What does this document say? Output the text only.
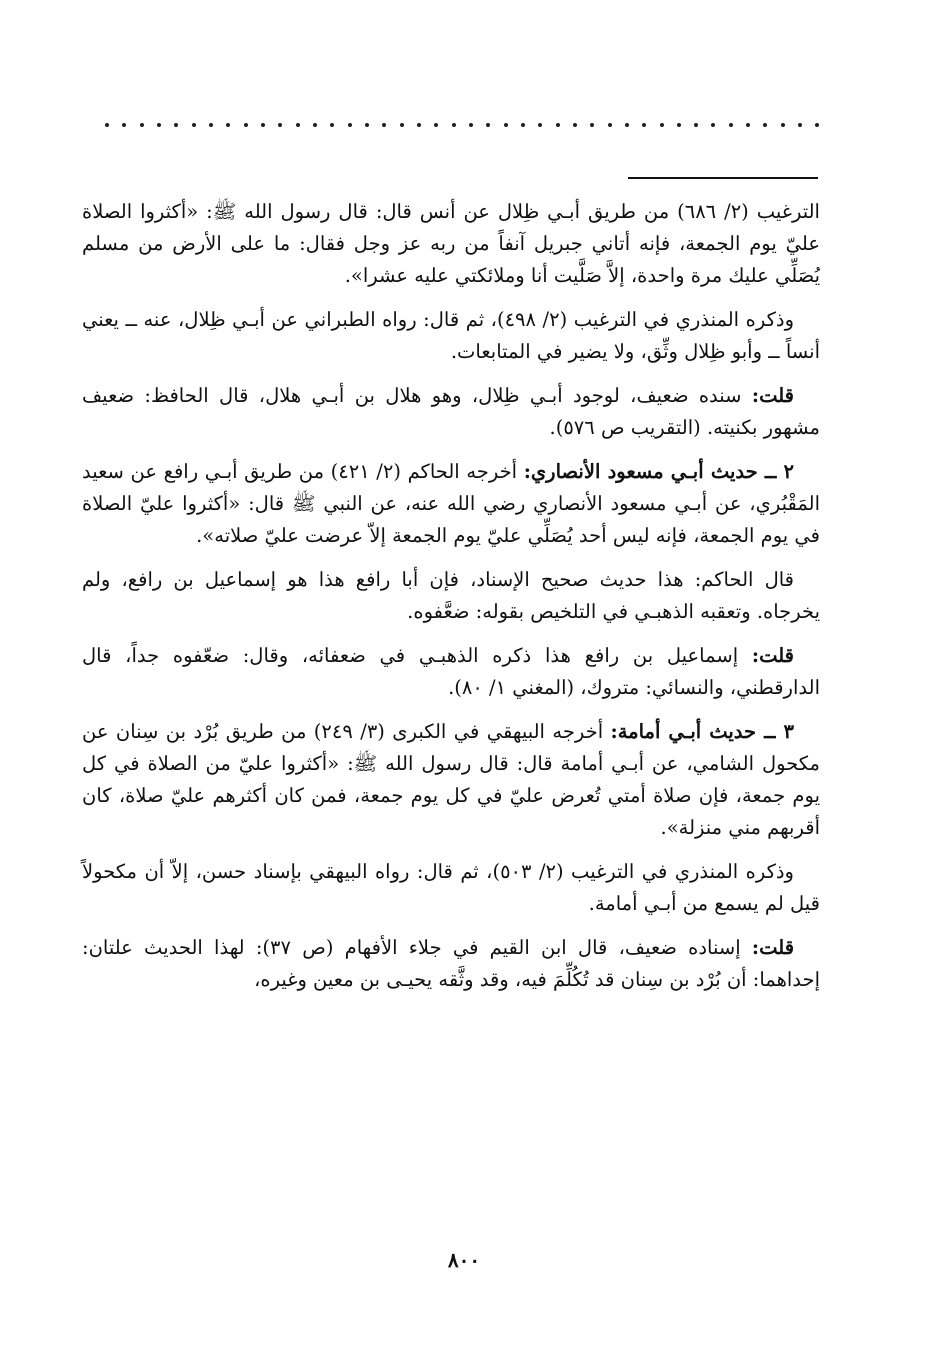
الترغيب (٢/ ٦٨٦) من طريق أبـي ظِلال عن أنس قال: قال رسول الله ﷺ: «أكثروا الصلاة عليّ يوم الجمعة، فإنه أتاني جبريل آنفاً من ربه عز وجل فقال: ما على الأرض من مسلم يُصَلِّي عليك مرة واحدة، إلاَّ صَلَّيت أنا وملائكتي عليه عشرا».

وذكره المنذري في الترغيب (٢/ ٤٩٨)، ثم قال: رواه الطبراني عن أبـي ظِلال، عنه ــ يعني أنساً ــ وأبو ظِلال وثِّق، ولا يضير في المتابعات.

قلت: سنده ضعيف، لوجود أبـي ظِلال، وهو هلال بن أبـي هلال، قال الحافظ: ضعيف مشهور بكنيته. (التقريب ص ٥٧٦).

٢ ــ حديث أبـي مسعود الأنصاري: أخرجه الحاكم (٢/ ٤٢١) من طريق أبـي رافع عن سعيد المَقْبُري، عن أبـي مسعود الأنصاري رضي الله عنه، عن النبي ﷺ قال: «أكثروا عليّ الصلاة في يوم الجمعة، فإنه ليس أحد يُصَلِّي عليّ يوم الجمعة إلاّ عرضت عليّ صلاته».

قال الحاكم: هذا حديث صحيح الإسناد، فإن أبا رافع هذا هو إسماعيل بن رافع، ولم يخرجاه. وتعقبه الذهبـي في التلخيص بقوله: ضعَّفوه.

قلت: إسماعيل بن رافع هذا ذكره الذهبـي في ضعفائه، وقال: ضعّفوه جداً، قال الدارقطني، والنسائي: متروك، (المغني ١/ ٨٠).

٣ ــ حديث أبـي أمامة: أخرجه البيهقي في الكبرى (٣/ ٢٤٩) من طريق بُرْد بن سِنان عن مكحول الشامي، عن أبـي أمامة قال: قال رسول الله ﷺ: «أكثروا عليّ من الصلاة في كل يوم جمعة، فإن صلاة أمتي تُعرض عليّ في كل يوم جمعة، فمن كان أكثرهم عليّ صلاة، كان أقربهم مني منزلة».

وذكره المنذري في الترغيب (٢/ ٥٠٣)، ثم قال: رواه البيهقي بإسناد حسن، إلاّ أن مكحولاً قيل لم يسمع من أبـي أمامة.

قلت: إسناده ضعيف، قال ابن القيم في جلاء الأفهام (ص ٣٧): لهذا الحديث علتان: إحداهما: أن بُرْد بن سِنان قد تُكُلِّمَ فيه، وقد وثَّقه يحيـى بن معين وغيره،

٨٠٠
